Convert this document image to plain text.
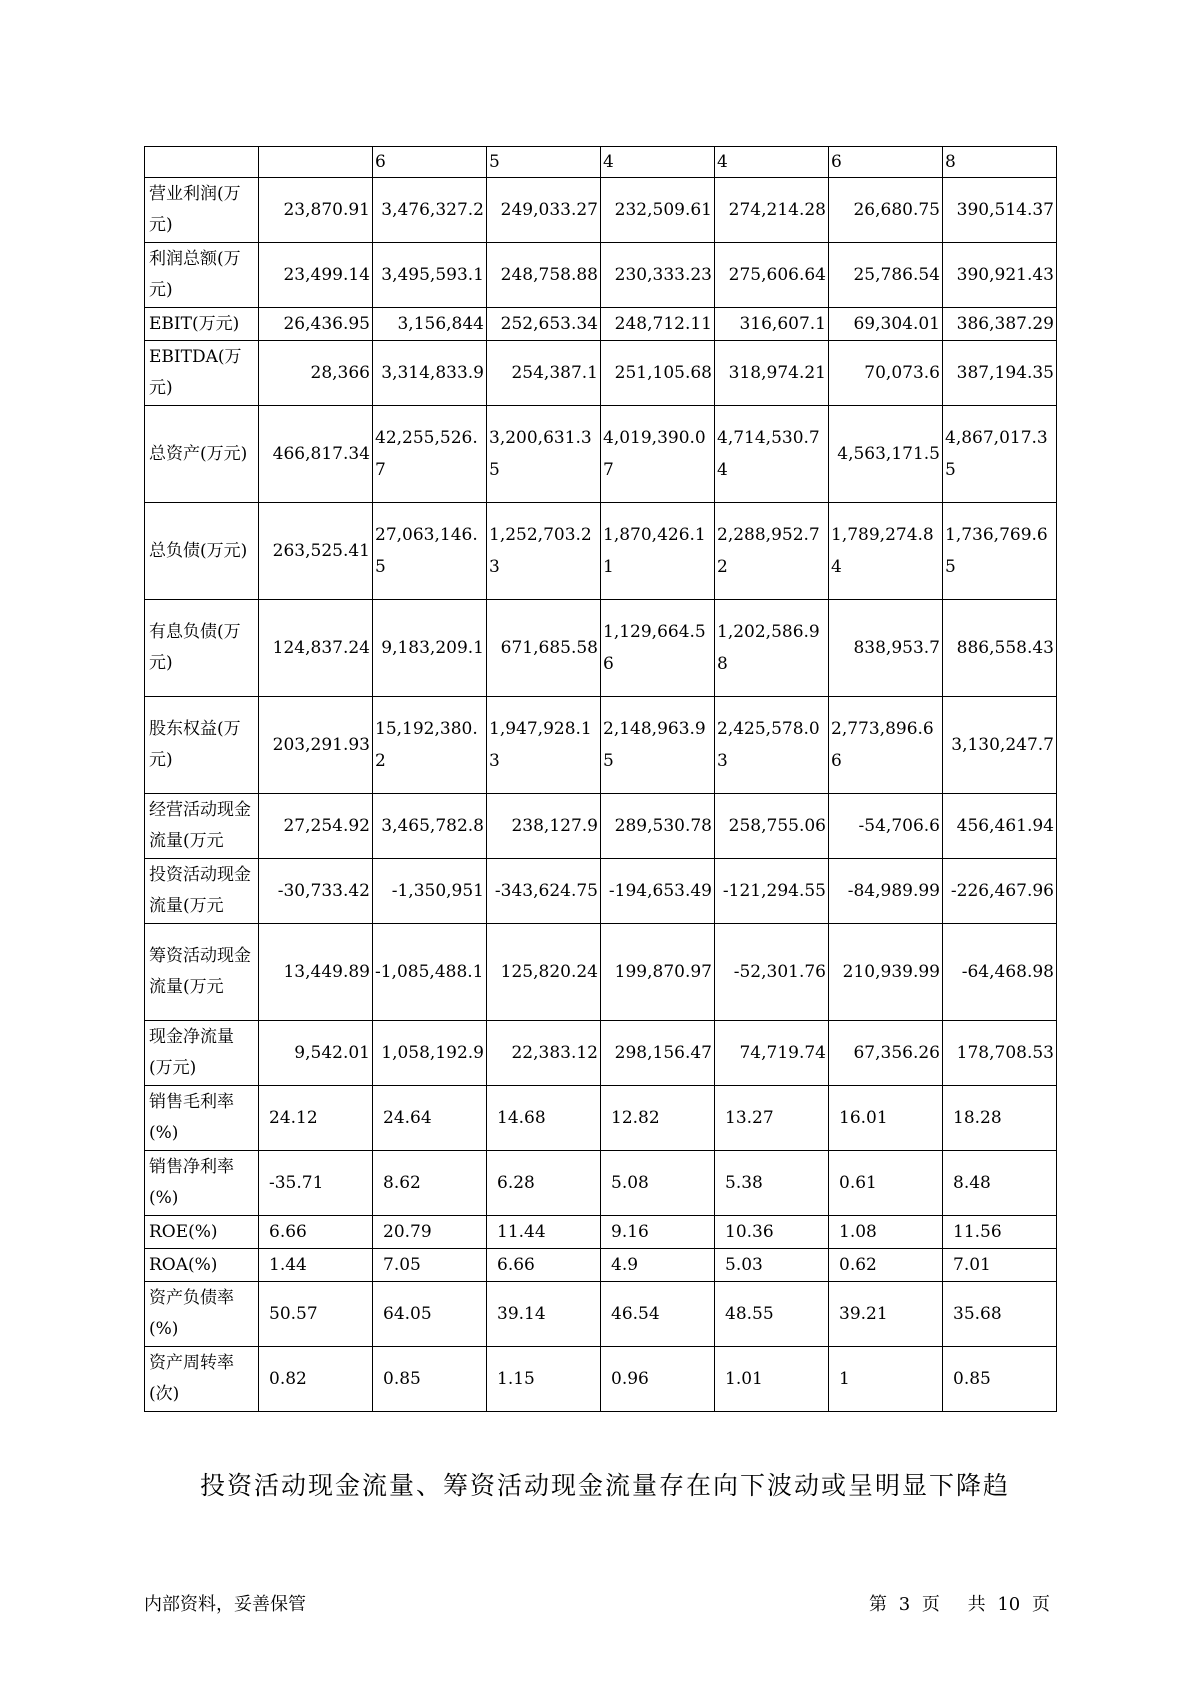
		6	5	4	4	6	8
营业利润(万元)	23,870.91	3,476,327.2	249,033.27	232,509.61	274,214.28	26,680.75	390,514.37
利润总额(万元)	23,499.14	3,495,593.1	248,758.88	230,333.23	275,606.64	25,786.54	390,921.43
EBIT(万元)	26,436.95	3,156,844	252,653.34	248,712.11	316,607.1	69,304.01	386,387.29
EBITDA(万元)	28,366	3,314,833.9	254,387.1	251,105.68	318,974.21	70,073.6	387,194.35
总资产(万元)	466,817.34	42,255,526.7	3,200,631.35	4,019,390.07	4,714,530.74	4,563,171.5	4,867,017.35
总负债(万元)	263,525.41	27,063,146.5	1,252,703.23	1,870,426.11	2,288,952.72	1,789,274.84	1,736,769.65
有息负债(万元)	124,837.24	9,183,209.1	671,685.58	1,129,664.56	1,202,586.98	838,953.7	886,558.43
股东权益(万元)	203,291.93	15,192,380.2	1,947,928.13	2,148,963.95	2,425,578.03	2,773,896.66	3,130,247.7
经营活动现金流量(万元	27,254.92	3,465,782.8	238,127.9	289,530.78	258,755.06	-54,706.6	456,461.94
投资活动现金流量(万元	-30,733.42	-1,350,951	-343,624.75	-194,653.49	-121,294.55	-84,989.99	-226,467.96
筹资活动现金流量(万元	13,449.89	-1,085,488.1	125,820.24	199,870.97	-52,301.76	210,939.99	-64,468.98
现金净流量(万元)	9,542.01	1,058,192.9	22,383.12	298,156.47	74,719.74	67,356.26	178,708.53
销售毛利率(%)	24.12	24.64	14.68	12.82	13.27	16.01	18.28
销售净利率(%)	-35.71	8.62	6.28	5.08	5.38	0.61	8.48
ROE(%)	6.66	20.79	11.44	9.16	10.36	1.08	11.56
ROA(%)	1.44	7.05	6.66	4.9	5.03	0.62	7.01
资产负债率(%)	50.57	64.05	39.14	46.54	48.55	39.21	35.68
资产周转率(次)	0.82	0.85	1.15	0.96	1.01	1	0.85
投资活动现金流量、筹资活动现金流量存在向下波动或呈明显下降趋
内部资料，妥善保管	第 3 页 共 10 页
